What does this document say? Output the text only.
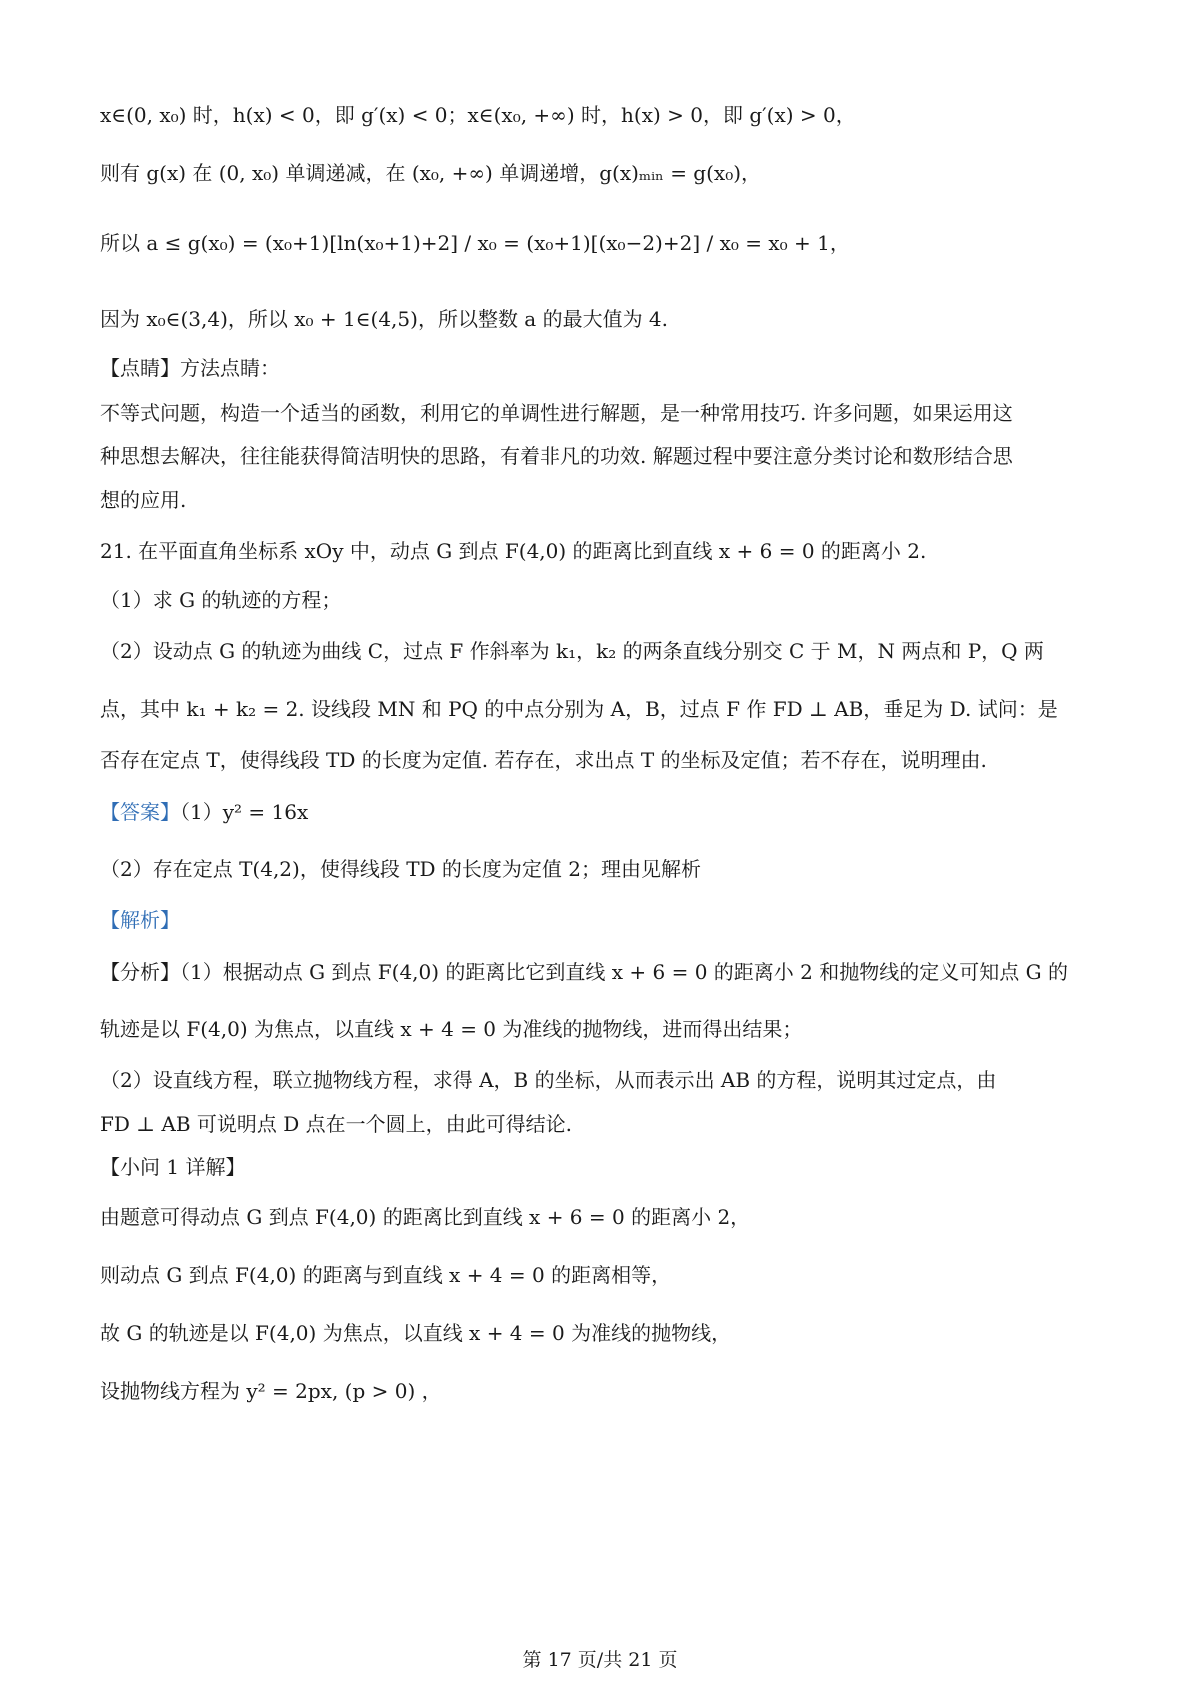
x∈(0, x₀) 时，h(x) < 0，即 g′(x) < 0；x∈(x₀, +∞) 时，h(x) > 0，即 g′(x) > 0，
则有 g(x) 在 (0, x₀) 单调递减，在 (x₀, +∞) 单调递增，g(x)ₘᵢₙ = g(x₀)，
所以 a ≤ g(x₀) = (x₀+1)[ln(x₀+1)+2] / x₀ = (x₀+1)[(x₀−2)+2] / x₀ = x₀ + 1，
因为 x₀∈(3,4)，所以 x₀ + 1∈(4,5)，所以整数 a 的最大值为 4.
【点睛】方法点睛：
不等式问题，构造一个适当的函数，利用它的单调性进行解题，是一种常用技巧. 许多问题，如果运用这
种思想去解决，往往能获得简洁明快的思路，有着非凡的功效. 解题过程中要注意分类讨论和数形结合思
想的应用.
21. 在平面直角坐标系 xOy 中，动点 G 到点 F(4,0) 的距离比到直线 x + 6 = 0 的距离小 2.
（1）求 G 的轨迹的方程；
（2）设动点 G 的轨迹为曲线 C，过点 F 作斜率为 k₁，k₂ 的两条直线分别交 C 于 M，N 两点和 P，Q 两
点，其中 k₁ + k₂ = 2. 设线段 MN 和 PQ 的中点分别为 A，B，过点 F 作 FD ⊥ AB，垂足为 D. 试问：是
否存在定点 T，使得线段 TD 的长度为定值. 若存在，求出点 T 的坐标及定值；若不存在，说明理由.
【答案】（1）y² = 16x
（2）存在定点 T(4,2)，使得线段 TD 的长度为定值 2；理由见解析
【解析】
【分析】（1）根据动点 G 到点 F(4,0) 的距离比它到直线 x + 6 = 0 的距离小 2 和抛物线的定义可知点 G 的
轨迹是以 F(4,0) 为焦点，以直线 x + 4 = 0 为准线的抛物线，进而得出结果；
（2）设直线方程，联立抛物线方程，求得 A，B 的坐标，从而表示出 AB 的方程，说明其过定点，由
FD ⊥ AB 可说明点 D 点在一个圆上，由此可得结论.
【小问 1 详解】
由题意可得动点 G 到点 F(4,0) 的距离比到直线 x + 6 = 0 的距离小 2，
则动点 G 到点 F(4,0) 的距离与到直线 x + 4 = 0 的距离相等，
故 G 的轨迹是以 F(4,0) 为焦点，以直线 x + 4 = 0 为准线的抛物线，
设抛物线方程为 y² = 2px, (p > 0) ，
第 17 页/共 21 页
